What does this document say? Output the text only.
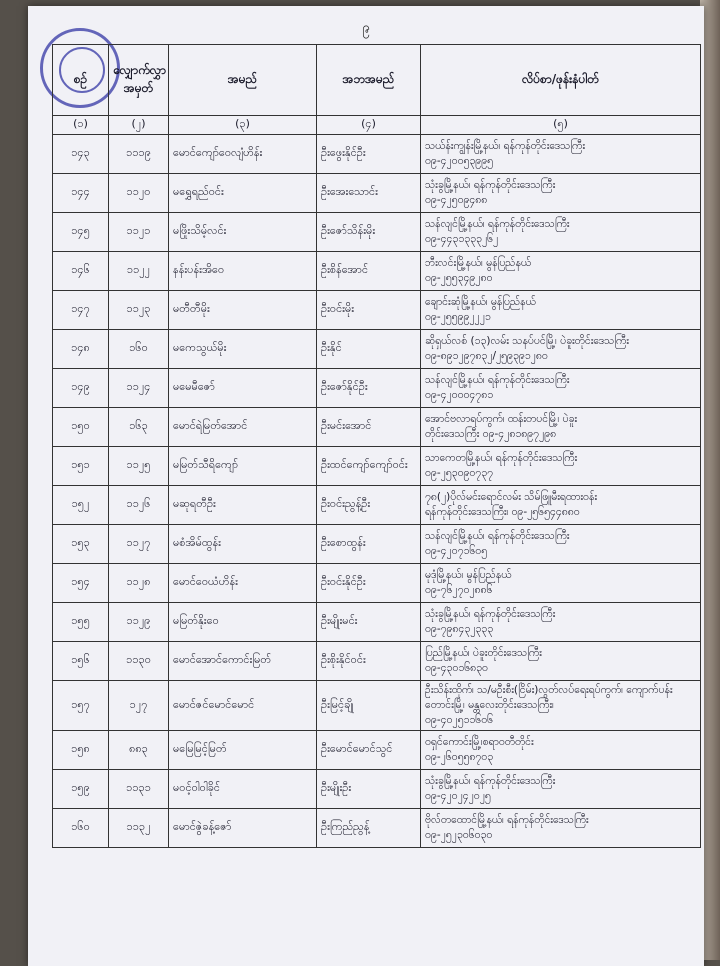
၉
စဉ်	လျှောက်လွှာအမှတ်	အမည်	အဘအမည်	လိပ်စာ/ဖုန်းနံပါတ်
(၁)	(၂)	(၃)	(၄)	(၅)
၁၄၃	၁၁၁၉	မောင်ကျော်ဝေလျံဟိန်း	ဦးဖွေးနိုင်ဦး	သယ်န်းကျွန်းမြို့နယ်၊ ရန်ကုန်တိုင်းဒေသကြီး
၀၉-၄၂၀၀၅၃၉၉၅

၁၄၄	၁၁၂၀	မရွှေရည်ဝင်း	ဦးအေးသောင်း	သုံးခွမြို့နယ်၊ ရန်ကုန်တိုင်းဒေသကြီး
၀၉-၄၂၅၀၉၄၈၈

၁၄၅	၁၁၂၁	မဖြိုးသိမ့်လင်း	ဦးဇော်သိန်းမိုး	သန်လျင်မြို့နယ်၊ ရန်ကုန်တိုင်းဒေသကြီး
၀၉-၄၄၃၁၃၃၃၂၆၂

၁၄၆	၁၁၂၂	နန်းပန်းအိဝေ	ဦးစိန်အောင်	ဘီးလင်းမြို့နယ်၊ မွန်ပြည်နယ်
၀၉-၂၅၅၃၄၉၂၈၀

၁၄၇	၁၁၂၃	မတီတီမိုး	ဦးဝင်းမိုး	ချောင်းဆုံမြို့နယ်၊ မွန်ပြည်နယ်
၀၉-၂၅၅၉၉၂၂၂၁

၁၄၈	၁၆၀	မကေသွယ်မိုး	ဦးနိုင်	ဆိုရှယ်လစ် (၁၃)လမ်း သနပ်ပင်မြို့၊ ပဲခူးတိုင်းဒေသကြီး
၀၉-၈၉၁၂၉၇၈၃၂/၂၅၉၃၉၁၂၈၀

၁၄၉	၁၁၂၄	မမေမီဇော်	ဦးဇော်နိုင်ဦး	သန်လျင်မြို့နယ်၊ ရန်ကုန်တိုင်းဒေသကြီး
၀၉-၄၂၀၀၀၄၇၈၁

၁၅၀	၁၆၃	မောင်ရဲမြတ်အောင်	ဦးမင်းအောင်	အောင်ဗလာရပ်ကွက်၊ ထန်းတပင်မြို့၊ ပဲခူး
တိုင်းဒေသကြီး ၀၉-၄၂၈၁၈၉၇၂၉၈

၁၅၁	၁၁၂၅	မမြတ်သီရိကျော်	ဦးထင်ကျော်ကျော်ဝင်း	သာကေတမြို့နယ်၊ ရန်ကုန်တိုင်းဒေသကြီး
၀၉-၂၅၃၀၉၀၇၃၇

၁၅၂	၁၁၂၆	မဆုရတီဦး	ဦးဝင်းညွန့်ဦး	၇၈(၂)ပိုလ်မင်းရောင်လမ်း သိမ်ဖြူမီးရထားဝန်း
ရန်ကုန်တိုင်းဒေသကြီး၊ ၀၉-၂၅၆၅၄၄၈၈၀

၁၅၃	၁၁၂၇	မစံအိမ်ထွန်း	ဦးစောထွန်း	သန်လျင်မြို့နယ်၊ ရန်ကုန်တိုင်းဒေသကြီး
၀၉-၄၂၀၇၁၆၀၅

၁၅၄	၁၁၂၈	မောင်ဝေယံဟိန်း	ဦးဝင်းနိုင်ဦး	မုဒုံမြို့နယ်၊ မွန်ပြည်နယ်
၀၉-၇၆၂၇၀၂၈၈၆

၁၅၅	၁၁၂၉	မမြတ်နိုးဝေ	ဦးမျိုးမင်း	သုံးခွမြို့နယ်၊ ရန်ကုန်တိုင်းဒေသကြီး
၀၉-၇၉၈၄၃၂၃၃၃

၁၅၆	၁၁၃၀	မောင်အောင်ကောင်းမြတ်	ဦးစိုးနိုင်ဝင်း	ပြည်မြို့နယ်၊ ပဲခူးတိုင်းဒေသကြီး
၀၉-၄၃၀၁၆၈၃၀

၁၅၇	၁၂၇	မောင်ဇင်မောင်မောင်	ဦးမြင့်ချို	ဦးသိန်းထိုက်၊ သ/မဦးစီး(ငြိမ်း)လွတ်လပ်ရေးရပ်ကွက်၊ ကျောက်ပန်းတောင်းမြို့၊ မန္တလေးတိုင်းဒေသကြီး၊
၀၉-၄၀၂၅၁၁၆၀၆

၁၅၈	၈၈၃	မမြေမြင့်မြတ်	ဦးမောင်မောင်သွင်	ဝရှင်ကောင်းမြို့၊စရာဝတီတိုင်း
၀၉-၂၆၀၅၅၈၇၀၃

၁၅၉	၁၁၃၁	မဝင့်ဝါဝါခိုင်	ဦးမျိုးဦး	သုံးခွမြို့နယ်၊ ရန်ကုန်တိုင်းဒေသကြီး
၀၉-၄၂၀၂၄၂၀၂၅

၁၆၀	၁၁၃၂	မောင်ဇွဲခန့်ဇော်	ဦးကြည်ညွန့်	ဗိုလ်တထောင်မြို့နယ်၊ ရန်ကုန်တိုင်းဒေသကြီး
၀၉-၂၅၂၃၀၆၀၃၀
